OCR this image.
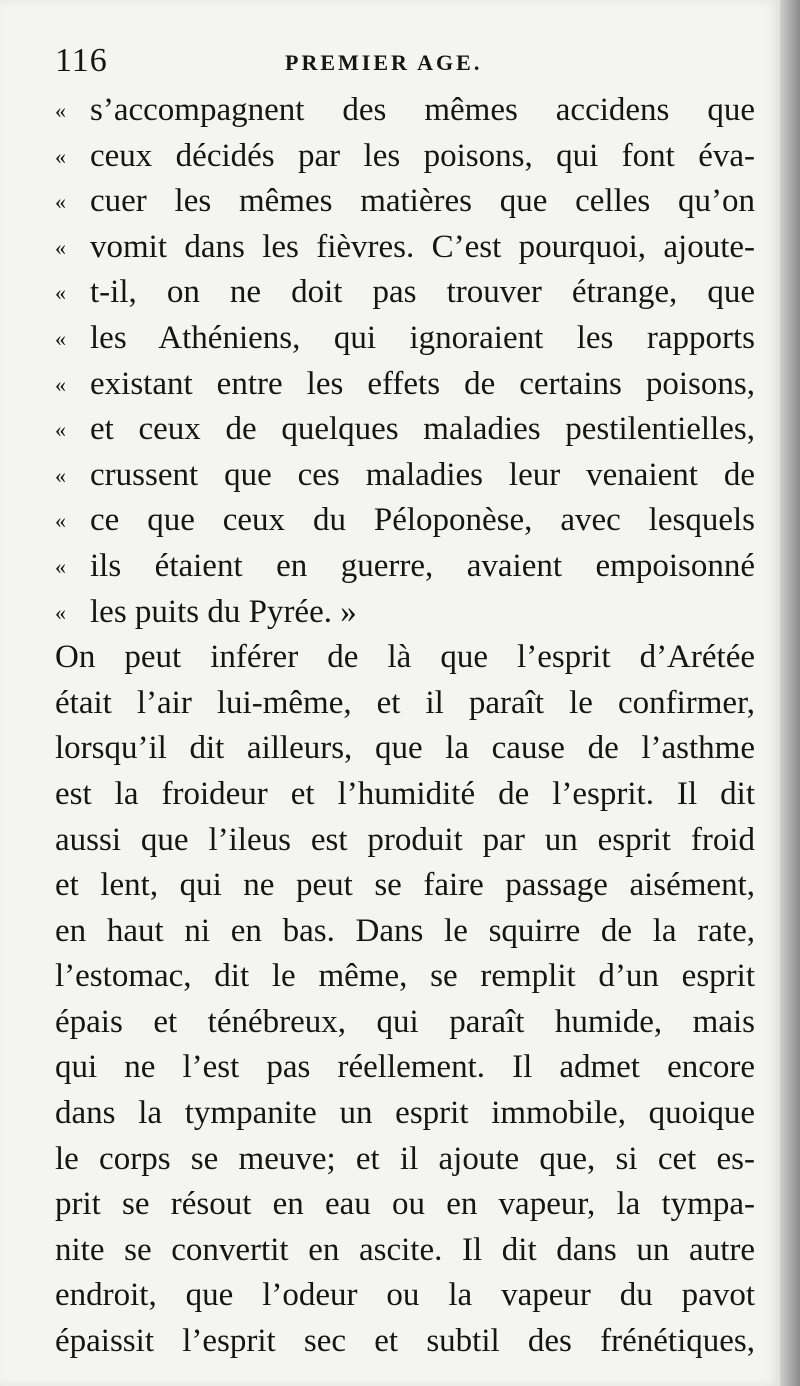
116	PREMIER AGE.
« s’accompagnent des mêmes accidens que
« ceux décidés par les poisons, qui font éva-
« cuer les mêmes matières que celles qu’on
« vomit dans les fièvres. C’est pourquoi, ajoute-
« t-il, on ne doit pas trouver étrange, que
« les Athéniens, qui ignoraient les rapports
« existant entre les effets de certains poisons,
« et ceux de quelques maladies pestilentielles,
« crussent que ces maladies leur venaient de
« ce que ceux du Péloponèse, avec lesquels
« ils étaient en guerre, avaient empoisonné
« les puits du Pyrée. »
On peut inférer de là que l’esprit d’Arétée
était l’air lui-même, et il paraît le confirmer,
lorsqu’il dit ailleurs, que la cause de l’asthme
est la froideur et l’humidité de l’esprit. Il dit
aussi que l’ileus est produit par un esprit froid
et lent, qui ne peut se faire passage aisément,
en haut ni en bas. Dans le squirre de la rate,
l’estomac, dit le même, se remplit d’un esprit
épais et ténébreux, qui paraît humide, mais
qui ne l’est pas réellement. Il admet encore
dans la tympanite un esprit immobile, quoique
le corps se meuve; et il ajoute que, si cet es-
prit se résout en eau ou en vapeur, la tympa-
nite se convertit en ascite. Il dit dans un autre
endroit, que l’odeur ou la vapeur du pavot
épaissit l’esprit sec et subtil des frénétiques,
